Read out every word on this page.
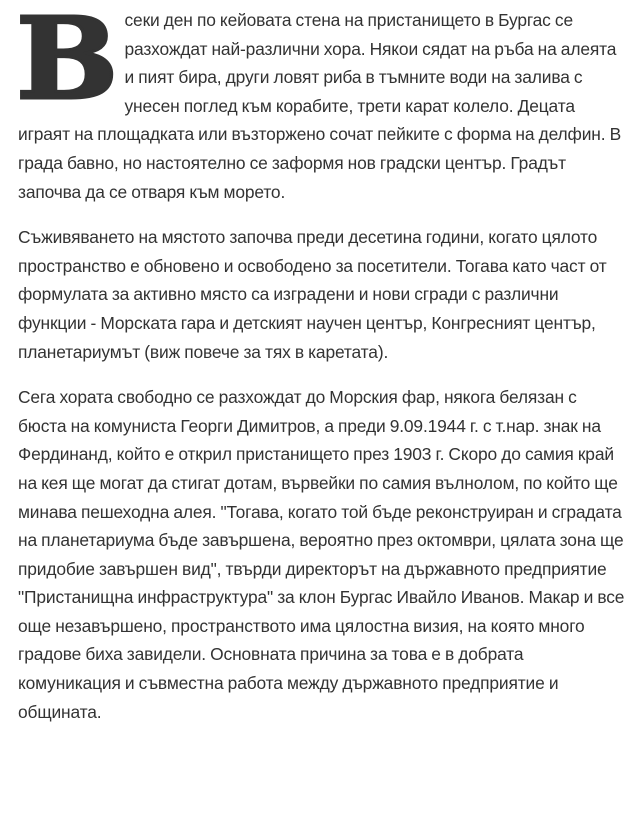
В секи ден по кейовата стена на пристанището в Бургас се разхождат най-различни хора. Някои сядат на ръба на алеята и пият бира, други ловят риба в тъмните води на залива с унесен поглед към корабите, трети карат колело. Децата играят на площадката или възторжено сочат пейките с форма на делфин. В града бавно, но настоятелно се заформя нов градски център. Градът започва да се отваря към морето.

Съживяването на мястото започва преди десетина години, когато цялото пространство е обновено и освободено за посетители. Тогава като част от формулата за активно място са изградени и нови сгради с различни функции - Морската гара и детският научен център, Конгресният център, планетариумът (виж повече за тях в каретата).

Сега хората свободно се разхождат до Морския фар, някога белязан с бюста на комуниста Георги Димитров, а преди 9.09.1944 г. с т.нар. знак на Фердинанд, който е открил пристанището през 1903 г. Скоро до самия край на кея ще могат да стигат дотам, вървейки по самия вълнолом, по който ще минава пешеходна алея. "Тогава, когато той бъде реконструиран и сградата на планетариума бъде завършена, вероятно през октомври, цялата зона ще придобие завършен вид", твърди директорът на държавното предприятие "Пристанищна инфраструктура" за клон Бургас Ивайло Иванов. Макар и все още незавършено, пространството има цялостна визия, на която много градове биха завидели. Основната причина за това е в добрата комуникация и съвместна работа между държавното предприятие и общината.
